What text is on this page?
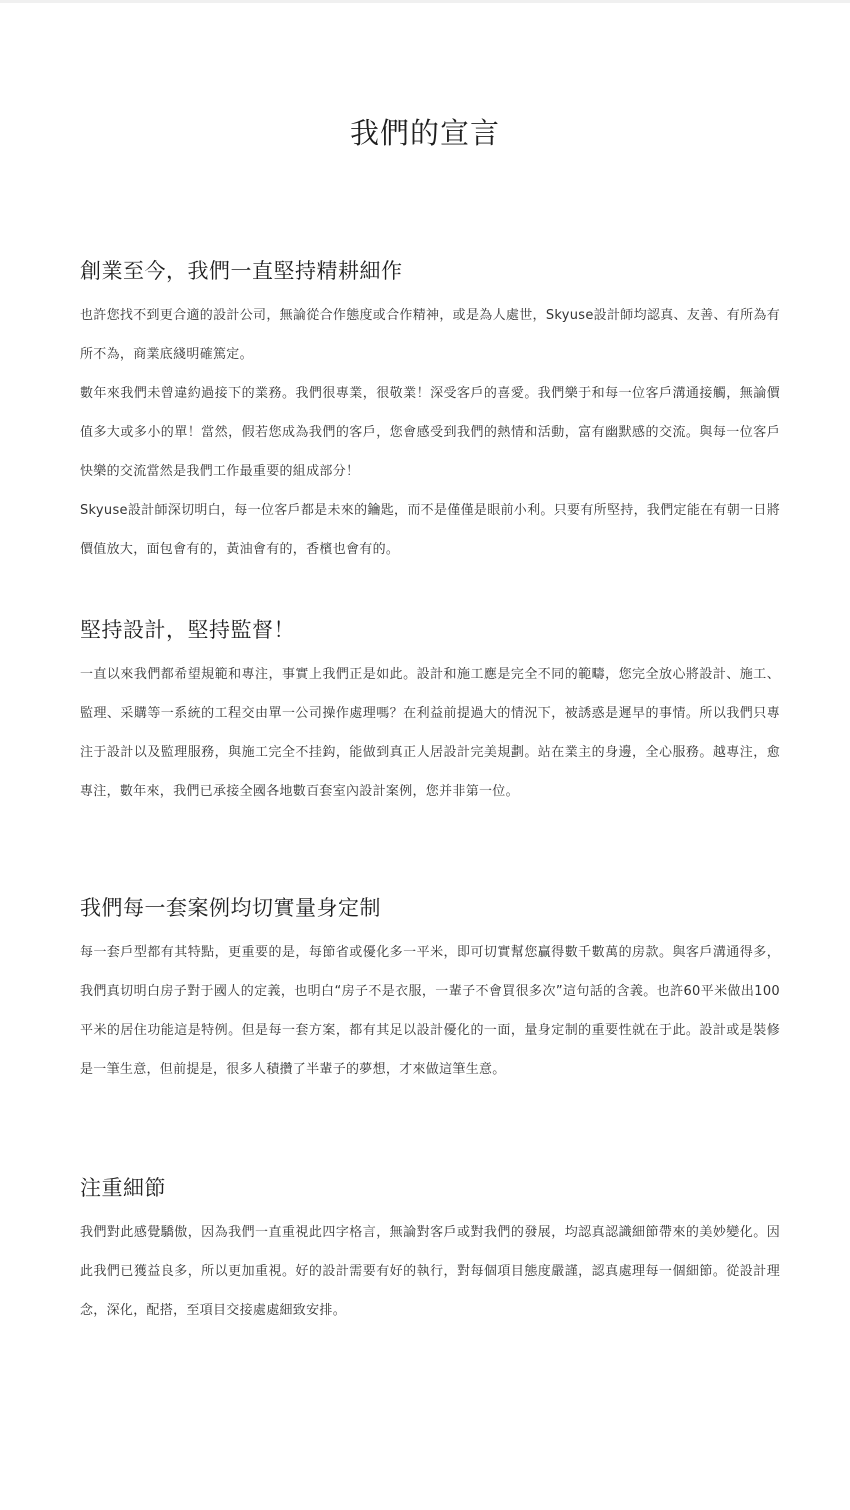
我們的宣言
創業至今，我們一直堅持精耕細作

也許您找不到更合適的設計公司，無論從合作態度或合作精神，或是為人處世，Skyuse設計師均認真、友善、有所為有所不為，商業底綫明確篤定。

數年來我們未曾違約過接下的業務。我們很專業，很敬業！深受客戶的喜愛。我們樂于和每一位客戶溝通接觸，無論價值多大或多小的單！當然，假若您成為我們的客戶，您會感受到我們的熱情和活動，富有幽默感的交流。與每一位客戶快樂的交流當然是我們工作最重要的組成部分！

Skyuse設計師深切明白，每一位客戶都是未來的鑰匙，而不是僅僅是眼前小利。只要有所堅持，我們定能在有朝一日將價值放大，面包會有的，黃油會有的，香檳也會有的。

堅持設計，堅持監督！

一直以來我們都希望規範和專注，事實上我們正是如此。設計和施工應是完全不同的範疇，您完全放心將設計、施工、監理、采購等一系統的工程交由單一公司操作處理嗎？在利益前提過大的情況下，被誘惑是遲早的事情。所以我們只專注于設計以及監理服務，與施工完全不挂鈎，能做到真正人居設計完美規劃。站在業主的身邊，全心服務。越專注，愈專注，數年來，我們已承接全國各地數百套室內設計案例，您并非第一位。

我們每一套案例均切實量身定制

每一套戶型都有其特點，更重要的是，每節省或優化多一平米，即可切實幫您贏得數千數萬的房款。與客戶溝通得多，我們真切明白房子對于國人的定義，也明白“房子不是衣服，一輩子不會買很多次”這句話的含義。也許60平米做出100平米的居住功能這是特例。但是每一套方案，都有其足以設計優化的一面，量身定制的重要性就在于此。設計或是裝修是一筆生意，但前提是，很多人積攢了半輩子的夢想，才來做這筆生意。

注重細節

我們對此感覺驕傲，因為我們一直重視此四字格言，無論對客戶或對我們的發展，均認真認識細節帶來的美妙變化。因此我們已獲益良多，所以更加重視。好的設計需要有好的執行，對每個項目態度嚴謹，認真處理每一個細節。從設計理念，深化，配搭，至項目交接處處細致安排。
